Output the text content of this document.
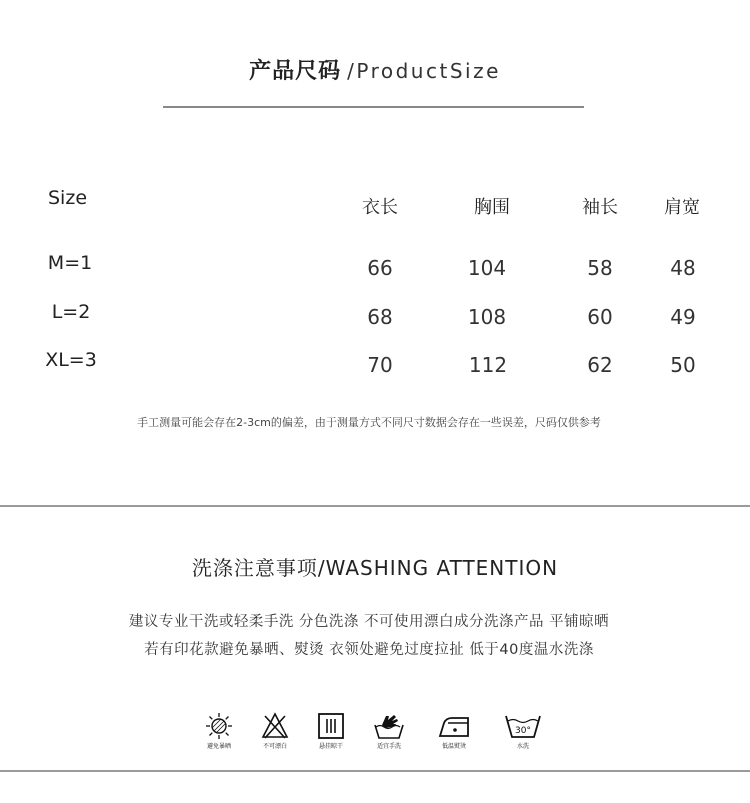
产品尺码 /ProductSize
Size	衣长	胸围	袖长	肩宽
M=1	66	104	58	48
L=2	68	108	60	49
XL=3	70	112	62	50
手工测量可能会存在2-3cm的偏差，由于测量方式不同尺寸数据会存在一些误差，尺码仅供参考
洗涤注意事项/WASHING ATTENTION
建议专业干洗或轻柔手洗 分色洗涤 不可使用漂白成分洗涤产品 平铺晾晒
若有印花款避免暴晒、熨烫 衣领处避免过度拉扯 低于40度温水洗涤
避免暴晒	不可漂白	悬挂晾干	适宜手洗	低温熨烫
30°
水洗
